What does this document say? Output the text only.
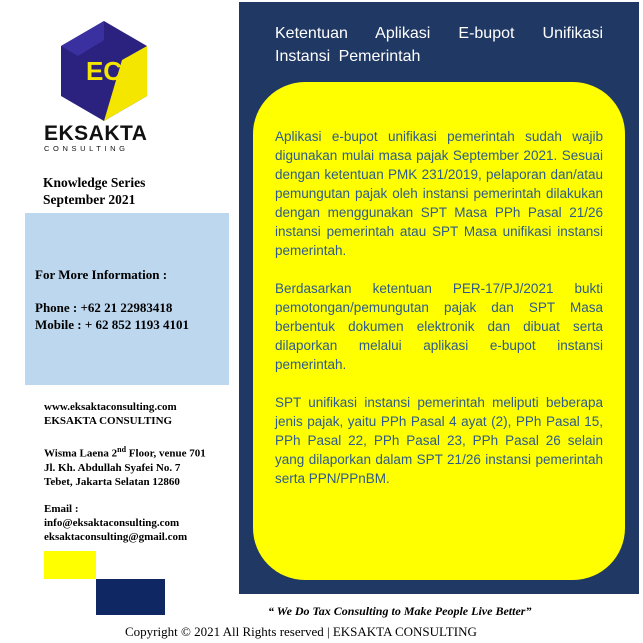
EC
EKSAKTA
CONSULTING
Knowledge Series
September 2021
For More Information :
Phone : +62 21 22983418
Mobile : + 62 852 1193 4101
www.eksaktaconsulting.com
EKSAKTA CONSULTING
Wisma Laena 2nd Floor, venue 701
Jl. Kh. Abdullah Syafei No. 7
Tebet, Jakarta Selatan 12860
Email :
info@eksaktaconsulting.com
eksaktaconsulting@gmail.com
Ketentuan Aplikasi E-bupot Unifikasi Instansi Pemerintah

Aplikasi e-bupot unifikasi pemerintah sudah wajib digunakan mulai masa pajak September 2021. Sesuai dengan ketentuan PMK 231/2019, pelaporan dan/atau pemungutan pajak oleh instansi pemerintah dilakukan dengan menggunakan SPT Masa PPh Pasal 21/26 instansi pemerintah atau SPT Masa unifikasi instansi pemerintah.

Berdasarkan ketentuan PER-17/PJ/2021 bukti pemotongan/pemungutan pajak dan SPT Masa berbentuk dokumen elektronik dan dibuat serta dilaporkan melalui aplikasi e-bupot instansi pemerintah.

SPT unifikasi instansi pemerintah meliputi beberapa jenis pajak, yaitu PPh Pasal 4 ayat (2), PPh Pasal 15, PPh Pasal 22, PPh Pasal 23, PPh Pasal 26 selain yang dilaporkan dalam SPT 21/26 instansi pemerintah serta PPN/PPnBM.

“ We Do Tax Consulting to Make People Live Better”
Copyright © 2021 All Rights reserved | EKSAKTA CONSULTING
